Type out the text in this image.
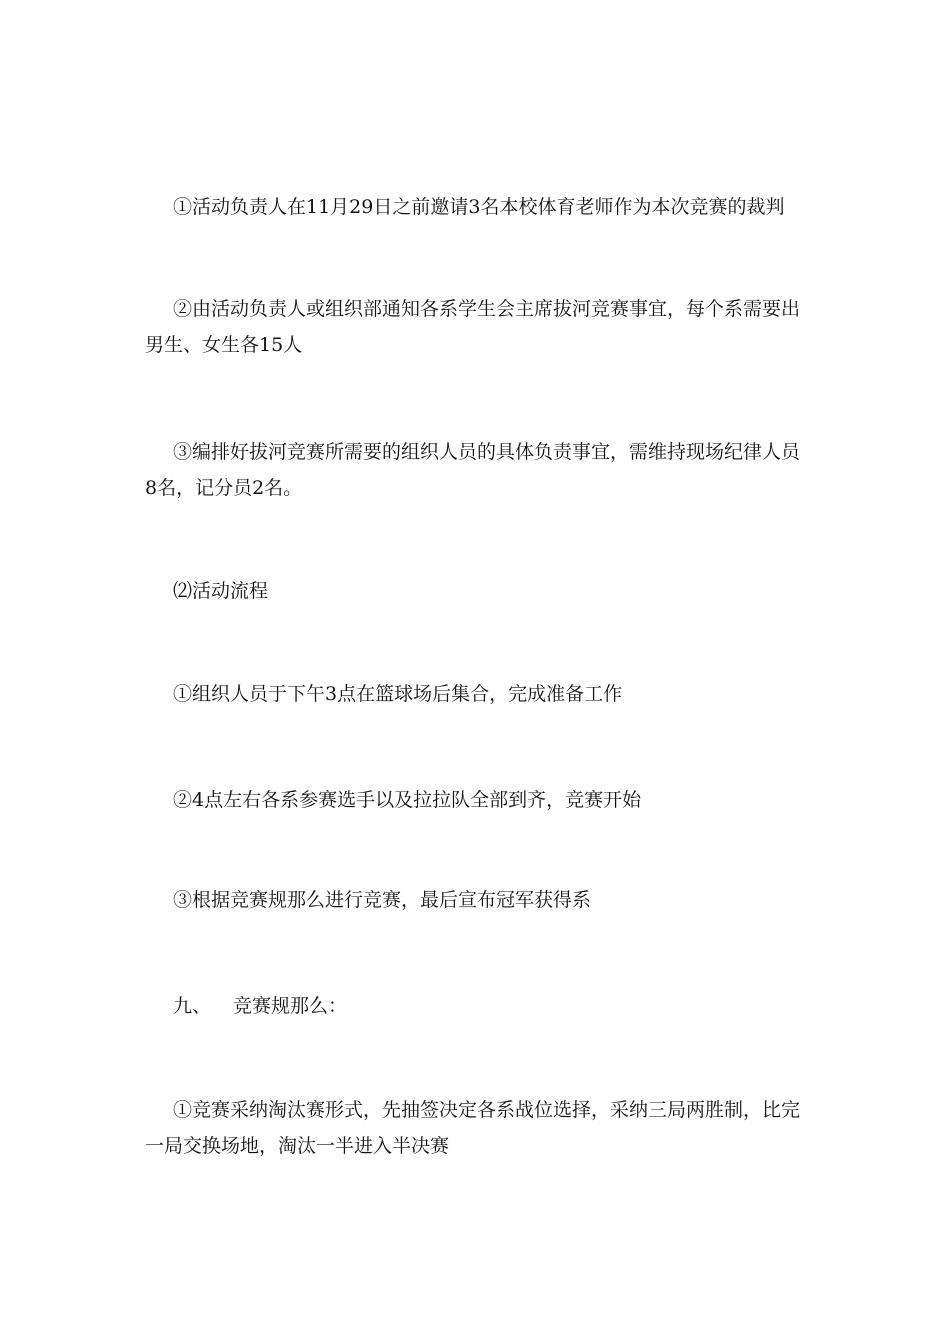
①活动负责人在11月29日之前邀请3名本校体育老师作为本次竞赛的裁判

②由活动负责人或组织部通知各系学生会主席拔河竞赛事宜，每个系需要出男生、女生各15人

③编排好拔河竞赛所需要的组织人员的具体负责事宜，需维持现场纪律人员8名，记分员2名。

⑵活动流程

①组织人员于下午3点在篮球场后集合，完成准备工作

②4点左右各系参赛选手以及拉拉队全部到齐，竞赛开始

③根据竞赛规那么进行竞赛，最后宣布冠军获得系

九、 竞赛规那么：

①竞赛采纳淘汰赛形式，先抽签决定各系战位选择，采纳三局两胜制，比完一局交换场地，淘汰一半进入半决赛
